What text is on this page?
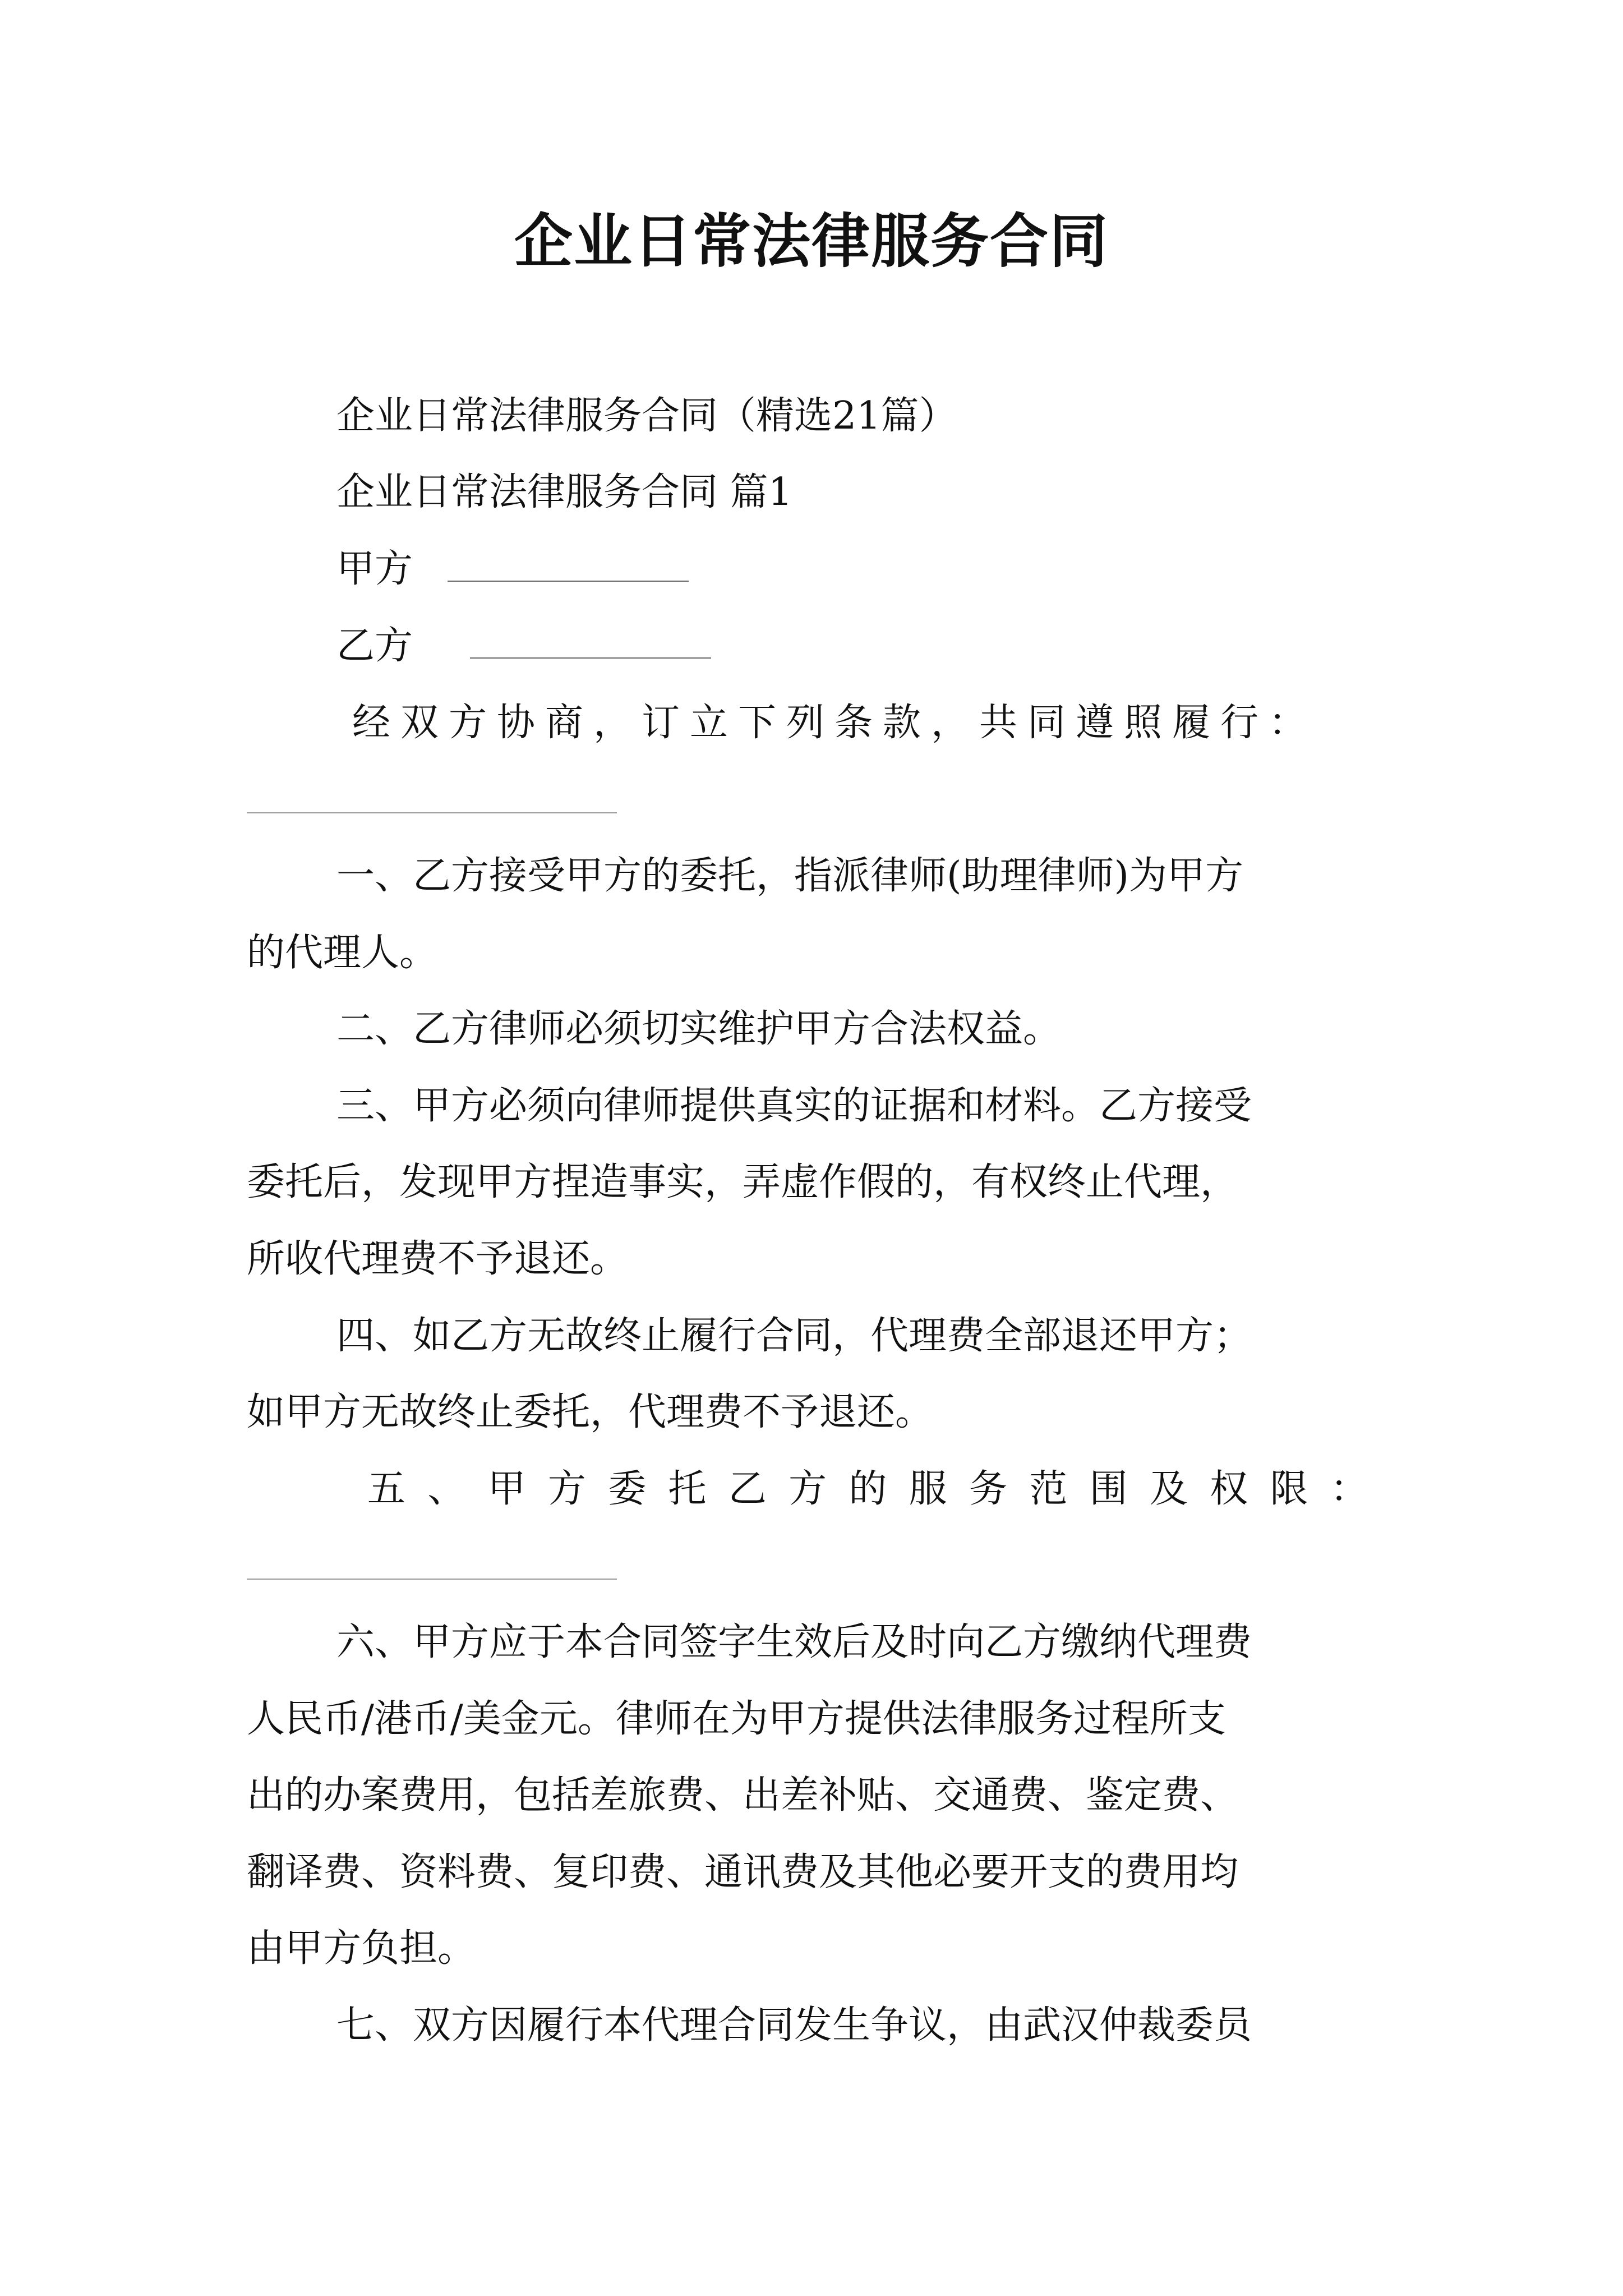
企业日常法律服务合同
企业日常法律服务合同（精选21篇）
企业日常法律服务合同 篇1
甲方
乙方
经双方协商，订立下列条款，共同遵照履行：
一、乙方接受甲方的委托，指派律师(助理律师)为甲方
的代理人。
二、乙方律师必须切实维护甲方合法权益。
三、甲方必须向律师提供真实的证据和材料。乙方接受
委托后，发现甲方捏造事实，弄虚作假的，有权终止代理，
所收代理费不予退还。
四、如乙方无故终止履行合同，代理费全部退还甲方；
如甲方无故终止委托，代理费不予退还。
五 、 甲 方 委 托 乙 方 的 服 务 范 围 及 权 限 ：
六、甲方应于本合同签字生效后及时向乙方缴纳代理费
人民币/港币/美金元。律师在为甲方提供法律服务过程所支
出的办案费用，包括差旅费、出差补贴、交通费、鉴定费、
翻译费、资料费、复印费、通讯费及其他必要开支的费用均
由甲方负担。
七、双方因履行本代理合同发生争议，由武汉仲裁委员
